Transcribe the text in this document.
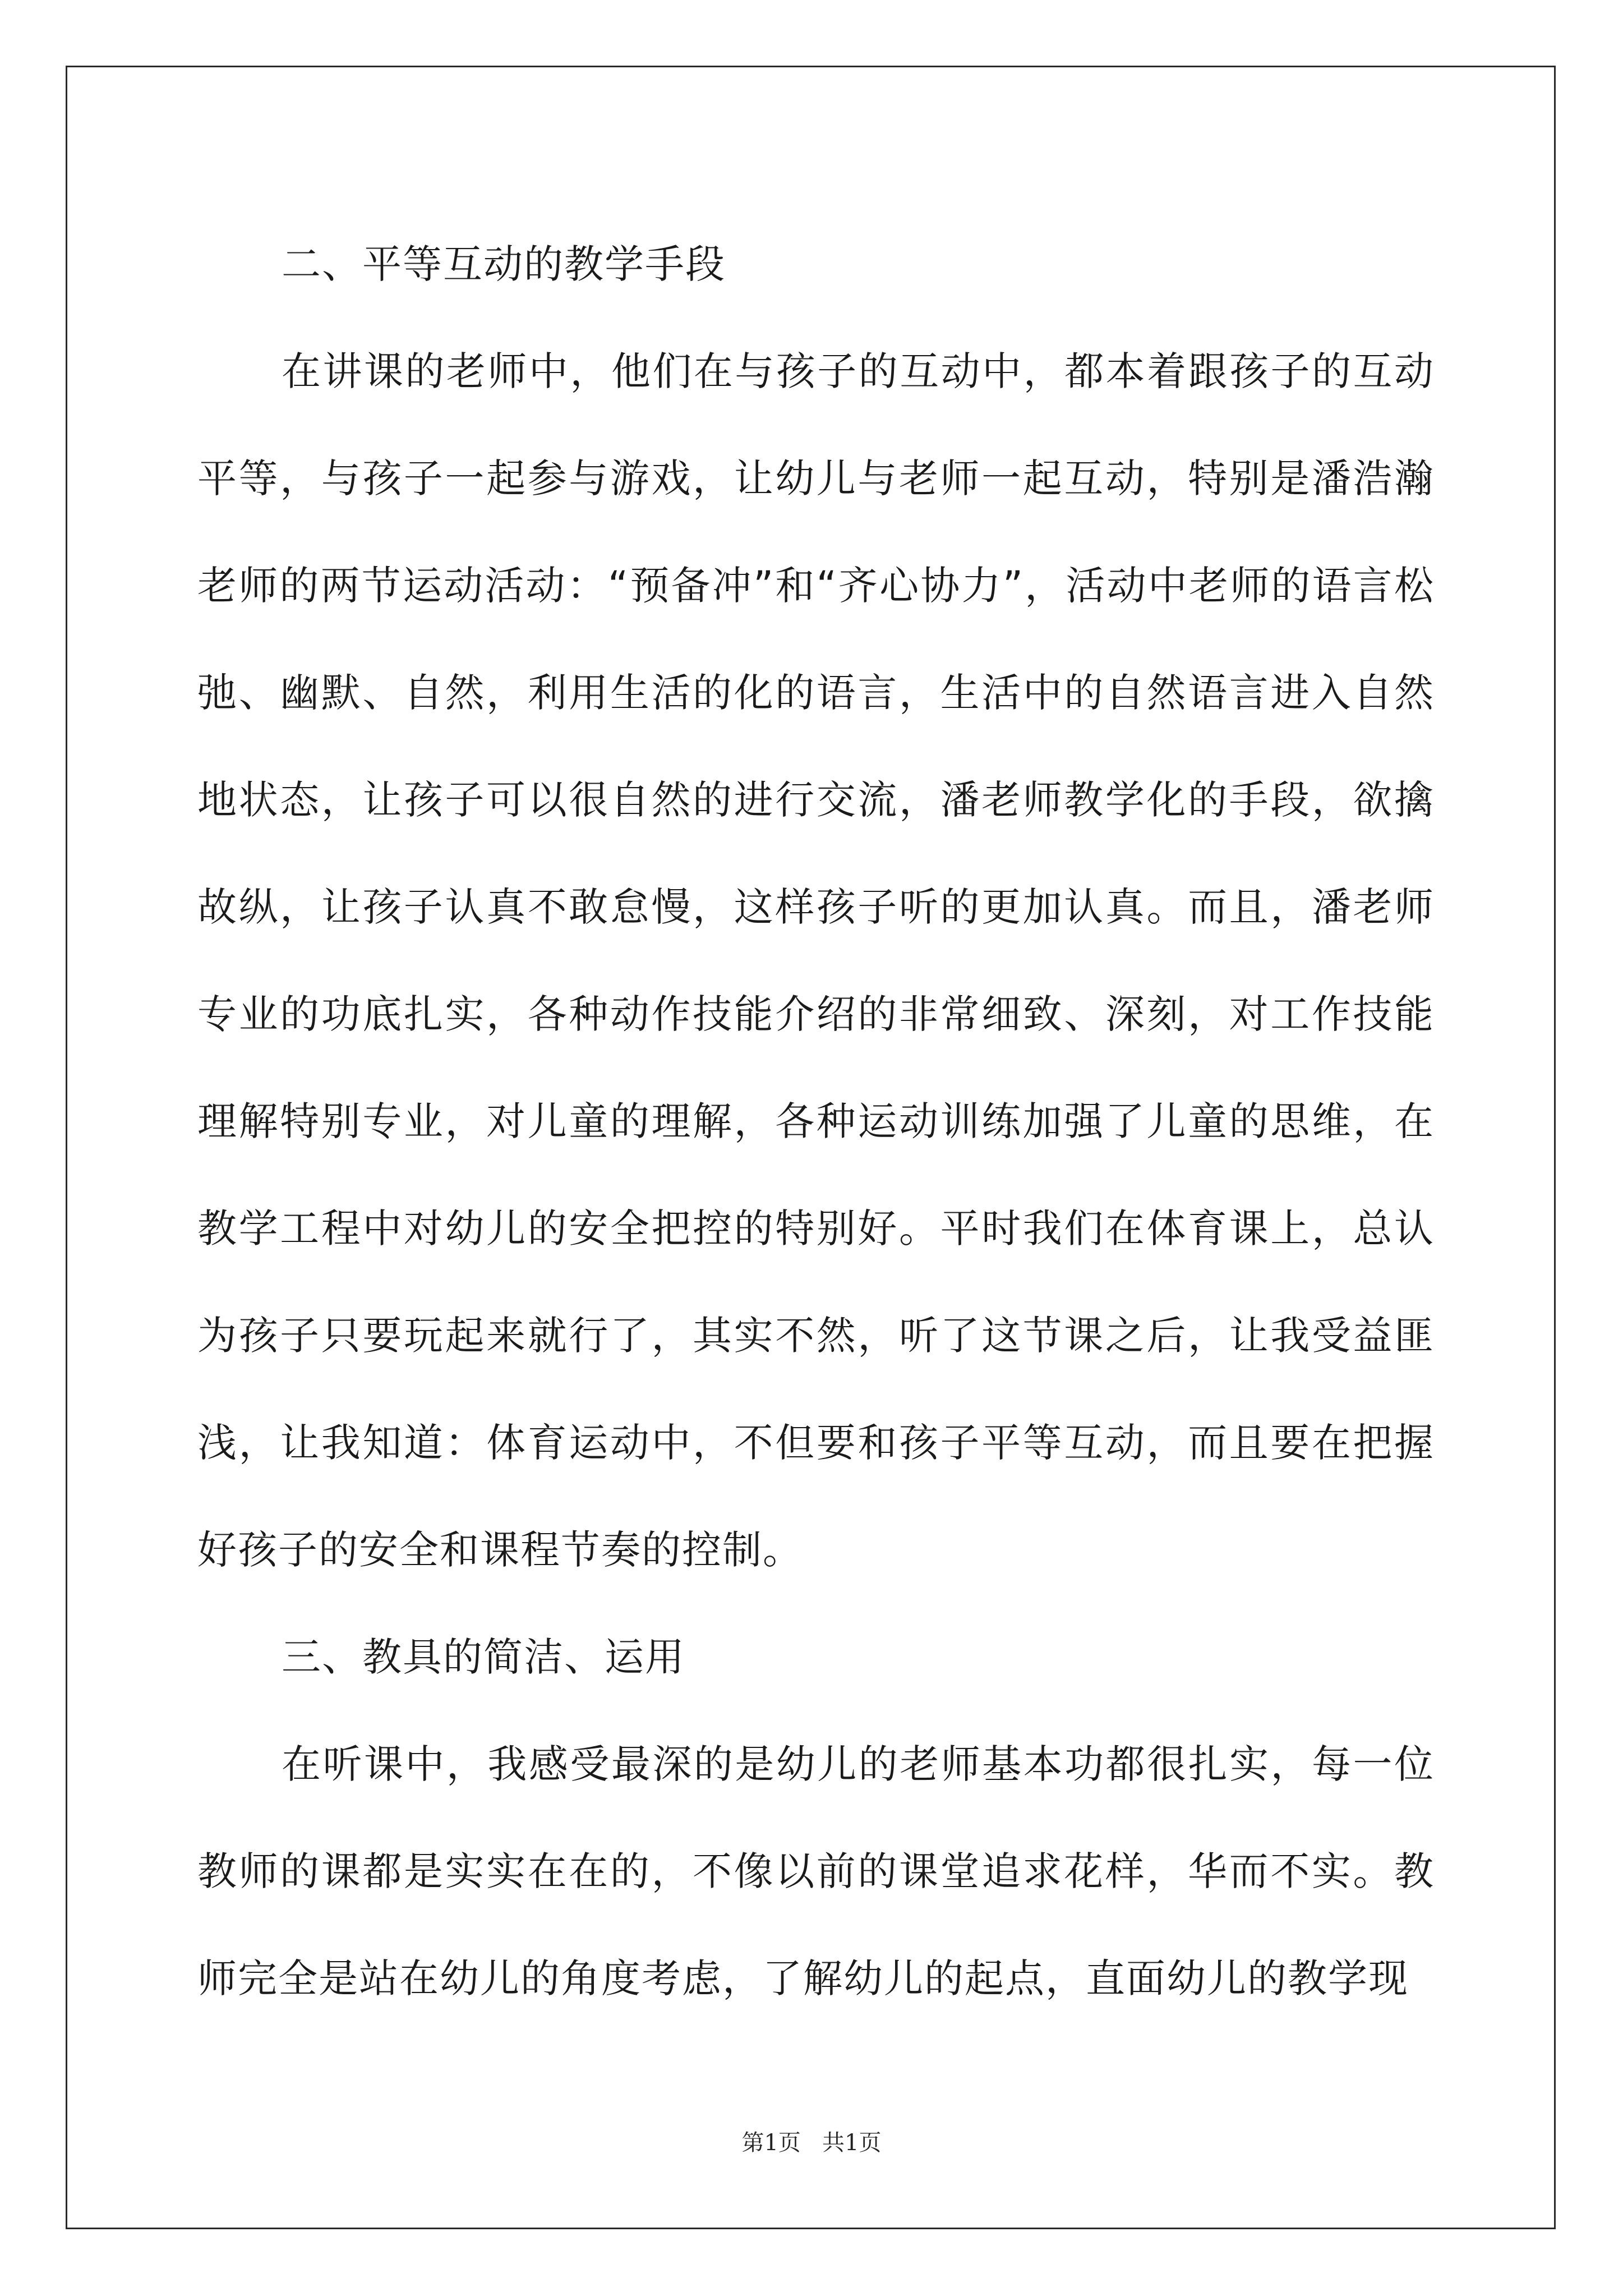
二、平等互动的教学手段

在讲课的老师中，他们在与孩子的互动中，都本着跟孩子的互动平等，与孩子一起参与游戏，让幼儿与老师一起互动，特别是潘浩瀚老师的两节运动活动：“预备冲”和“齐心协力”，活动中老师的语言松弛、幽默、自然，利用生活的化的语言，生活中的自然语言进入自然地状态，让孩子可以很自然的进行交流，潘老师教学化的手段，欲擒故纵，让孩子认真不敢怠慢，这样孩子听的更加认真。而且，潘老师专业的功底扎实，各种动作技能介绍的非常细致、深刻，对工作技能理解特别专业，对儿童的理解，各种运动训练加强了儿童的思维，在教学工程中对幼儿的安全把控的特别好。平时我们在体育课上，总认为孩子只要玩起来就行了，其实不然，听了这节课之后，让我受益匪浅，让我知道：体育运动中，不但要和孩子平等互动，而且要在把握好孩子的安全和课程节奏的控制。

三、教具的简洁、运用

在听课中，我感受最深的是幼儿的老师基本功都很扎实，每一位教师的课都是实实在在的，不像以前的课堂追求花样，华而不实。教师完全是站在幼儿的角度考虑，了解幼儿的起点，直面幼儿的教学现

第1页   共1页
